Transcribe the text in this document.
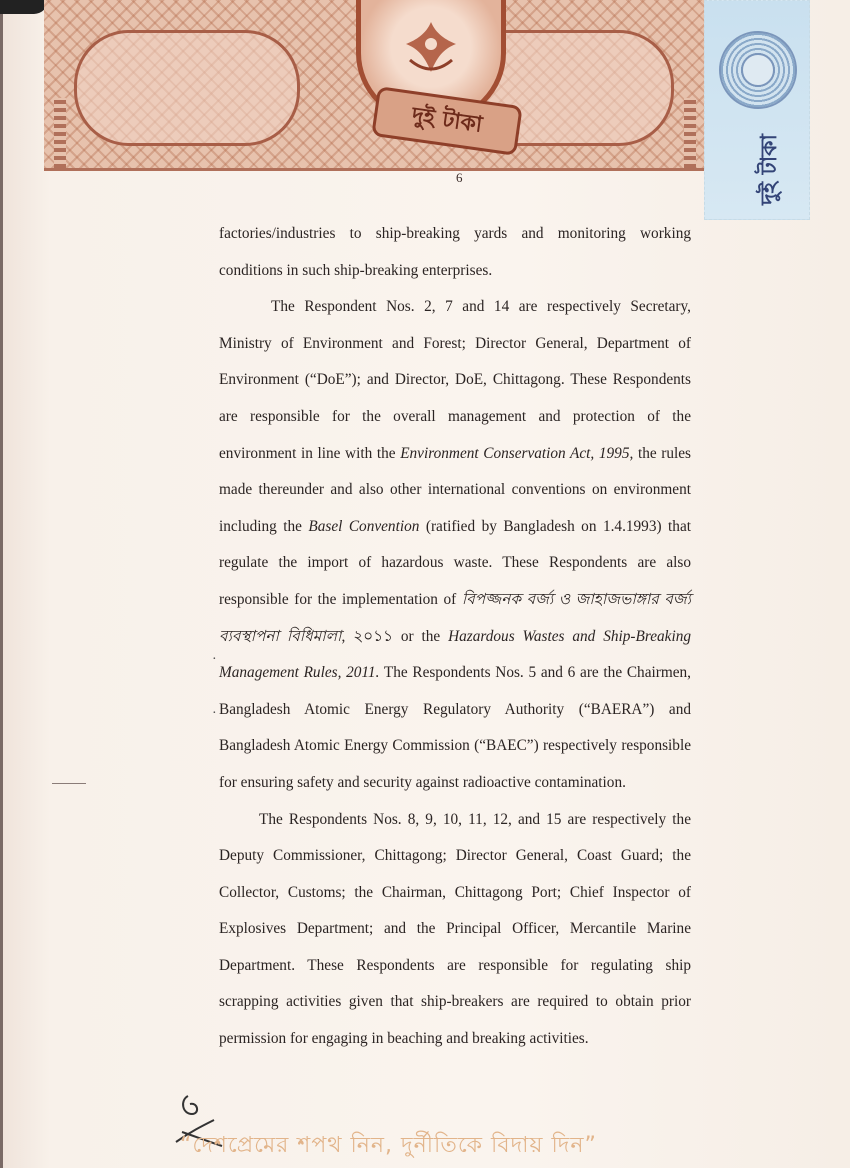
দুই টাকা
দুই টাকা
6

factories/industries to ship-breaking yards and monitoring working conditions in such ship-breaking enterprises.

The Respondent Nos. 2, 7 and 14 are respectively Secretary, Ministry of Environment and Forest; Director General, Department of Environment (“DoE”); and Director, DoE, Chittagong. These Respondents are responsible for the overall management and protection of the environment in line with the Environment Conservation Act, 1995, the rules made thereunder and also other international conventions on environment including the Basel Convention (ratified by Bangladesh on 1.4.1993) that regulate the import of hazardous waste. These Respondents are also responsible for the implementation of বিপজ্জনক বর্জ্য ও জাহাজভাঙ্গার বর্জ্য ব্যবস্থাপনা বিধিমালা, ২০১১ or the Hazardous Wastes and Ship-Breaking Management Rules, 2011. The Respondents Nos. 5 and 6 are the Chairmen, Bangladesh Atomic Energy Regulatory Authority (“BAERA”) and Bangladesh Atomic Energy Commission (“BAEC”) respectively responsible for ensuring safety and security against radioactive contamination.

The Respondents Nos. 8, 9, 10, 11, 12, and 15 are respectively the Deputy Commissioner, Chittagong; Director General, Coast Guard; the Collector, Customs; the Chairman, Chittagong Port; Chief Inspector of Explosives Department; and the Principal Officer, Mercantile Marine Department. These Respondents are responsible for regulating ship scrapping activities given that ship-breakers are required to obtain prior permission for engaging in beaching and breaking activities.

·
·
“দেশপ্রেমের শপথ নিন, দুর্নীতিকে বিদায় দিন”
